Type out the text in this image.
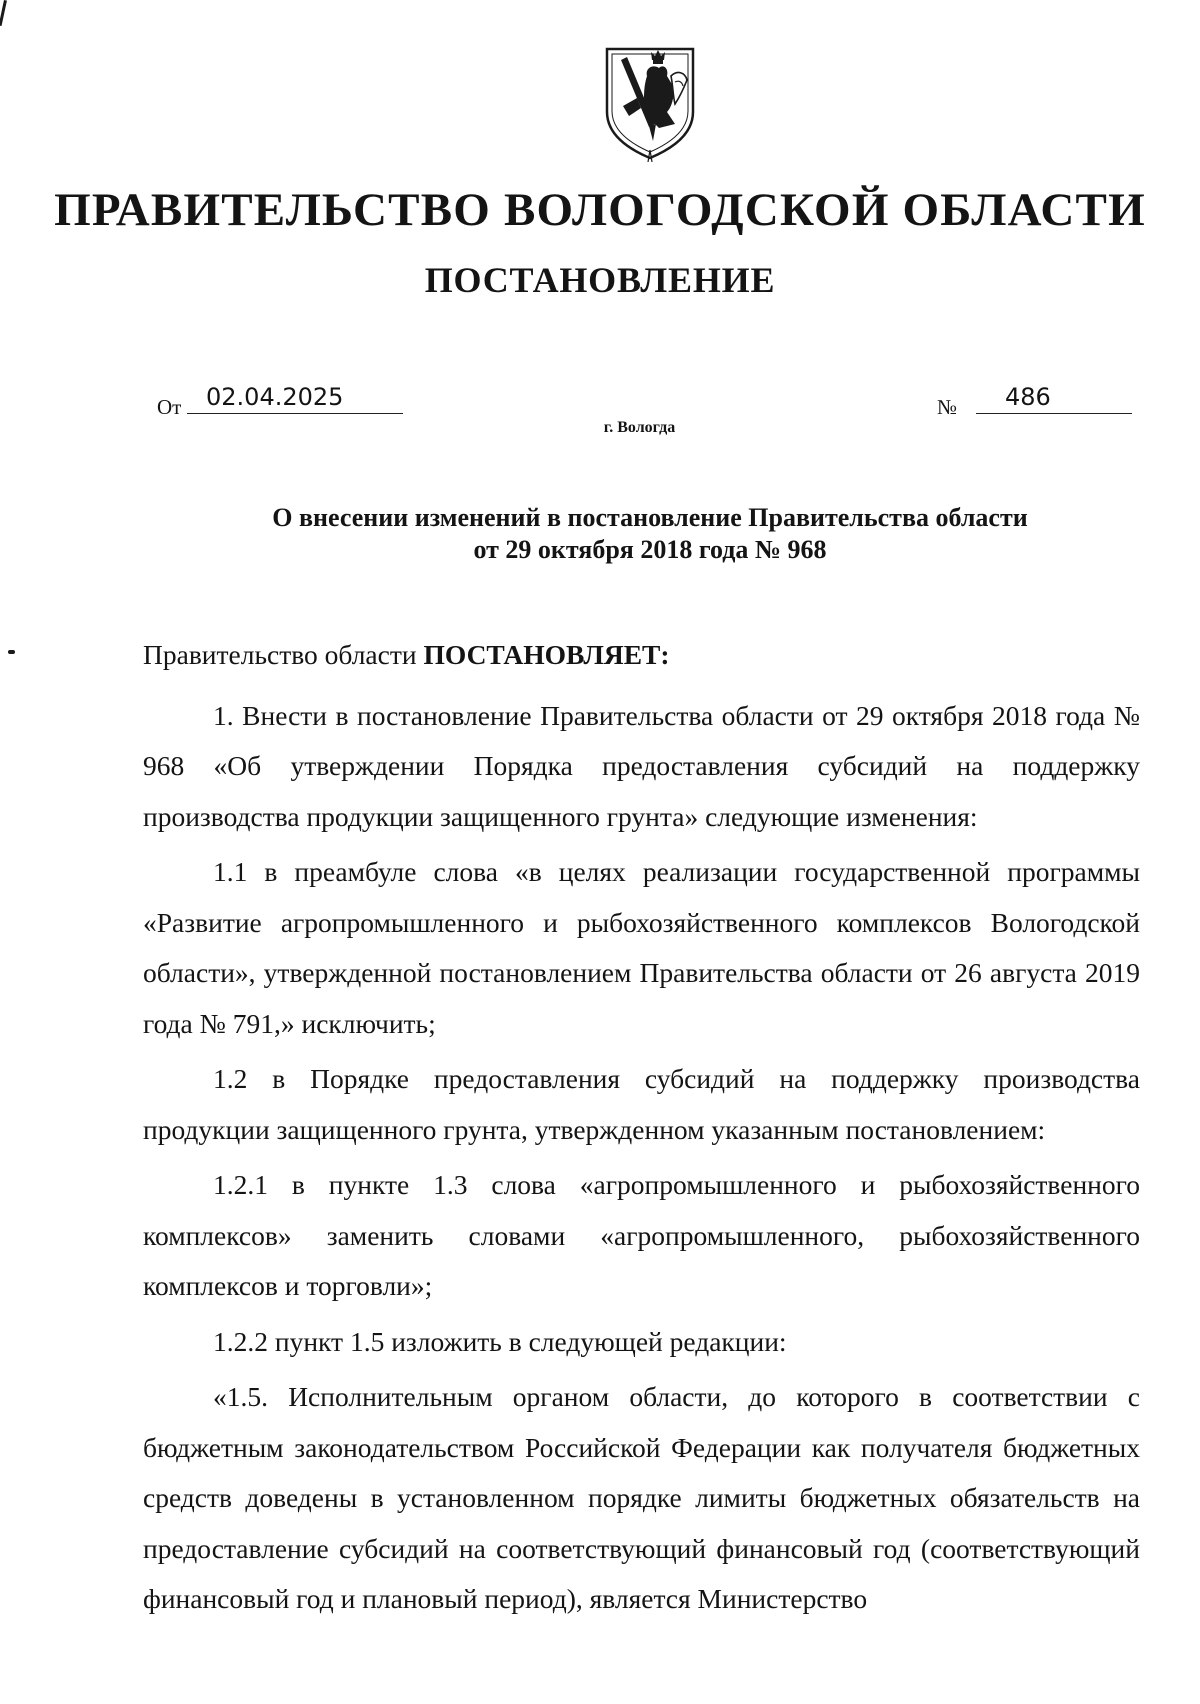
ПРАВИТЕЛЬСТВО ВОЛОГОДСКОЙ ОБЛАСТИ
ПОСТАНОВЛЕНИЕ
От 02.04.2025	№ 486
г. Вологда
О внесении изменений в постановление Правительства области
от 29 октября 2018 года № 968

Правительство области ПОСТАНОВЛЯЕТ:

1. Внести в постановление Правительства области от 29 октября 2018 года № 968 «Об утверждении Порядка предоставления субсидий на поддержку производства продукции защищенного грунта» следующие изменения:

1.1 в преамбуле слова «в целях реализации государственной программы «Развитие агропромышленного и рыбохозяйственного комплексов Вологодской области», утвержденной постановлением Правительства области от 26 августа 2019 года № 791,» исключить;

1.2 в Порядке предоставления субсидий на поддержку производства продукции защищенного грунта, утвержденном указанным постановлением:

1.2.1 в пункте 1.3 слова «агропромышленного и рыбохозяйственного комплексов» заменить словами «агропромышленного, рыбохозяйственного комплексов и торговли»;

1.2.2 пункт 1.5 изложить в следующей редакции:

«1.5. Исполнительным органом области, до которого в соответствии с бюджетным законодательством Российской Федерации как получателя бюджетных средств доведены в установленном порядке лимиты бюджетных обязательств на предоставление субсидий на соответствующий финансовый год (соответствующий финансовый год и плановый период), является Министерство
